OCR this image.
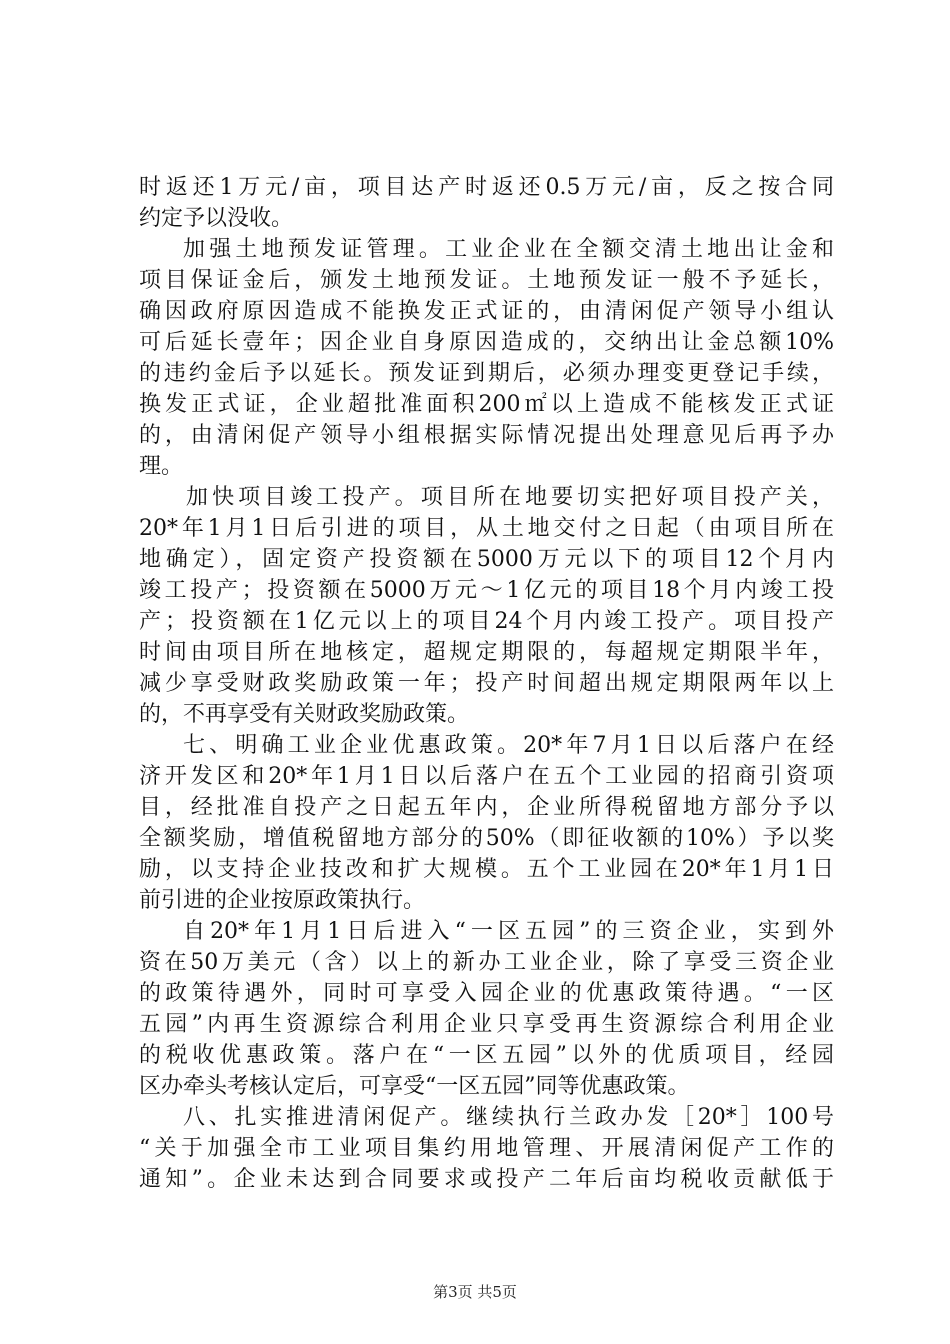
时返还1万元/亩，项目达产时返还0.5万元/亩，反之按合同
约定予以没收。
加强土地预发证管理。工业企业在全额交清土地出让金和
项目保证金后，颁发土地预发证。土地预发证一般不予延长，
确因政府原因造成不能换发正式证的，由清闲促产领导小组认
可后延长壹年；因企业自身原因造成的，交纳出让金总额10%
的违约金后予以延长。预发证到期后，必须办理变更登记手续，
换发正式证，企业超批准面积200㎡以上造成不能核发正式证
的，由清闲促产领导小组根据实际情况提出处理意见后再予办
理。
加快项目竣工投产。项目所在地要切实把好项目投产关，
20*年1月1日后引进的项目，从土地交付之日起（由项目所在
地确定），固定资产投资额在5000万元以下的项目12个月内
竣工投产；投资额在5000万元～1亿元的项目18个月内竣工投
产；投资额在1亿元以上的项目24个月内竣工投产。项目投产
时间由项目所在地核定，超规定期限的，每超规定期限半年，
减少享受财政奖励政策一年；投产时间超出规定期限两年以上
的，不再享受有关财政奖励政策。
七、明确工业企业优惠政策。20*年7月1日以后落户在经
济开发区和20*年1月1日以后落户在五个工业园的招商引资项
目，经批准自投产之日起五年内，企业所得税留地方部分予以
全额奖励，增值税留地方部分的50%（即征收额的10%）予以奖
励，以支持企业技改和扩大规模。五个工业园在20*年1月1日
前引进的企业按原政策执行。
自20*年1月1日后进入“一区五园”的三资企业，实到外
资在50万美元（含）以上的新办工业企业，除了享受三资企业
的政策待遇外，同时可享受入园企业的优惠政策待遇。“一区
五园”内再生资源综合利用企业只享受再生资源综合利用企业
的税收优惠政策。落户在“一区五园”以外的优质项目，经园
区办牵头考核认定后，可享受“一区五园”同等优惠政策。
八、扎实推进清闲促产。继续执行兰政办发［20*］100号
“关于加强全市工业项目集约用地管理、开展清闲促产工作的
通知”。企业未达到合同要求或投产二年后亩均税收贡献低于
第3页 共5页
